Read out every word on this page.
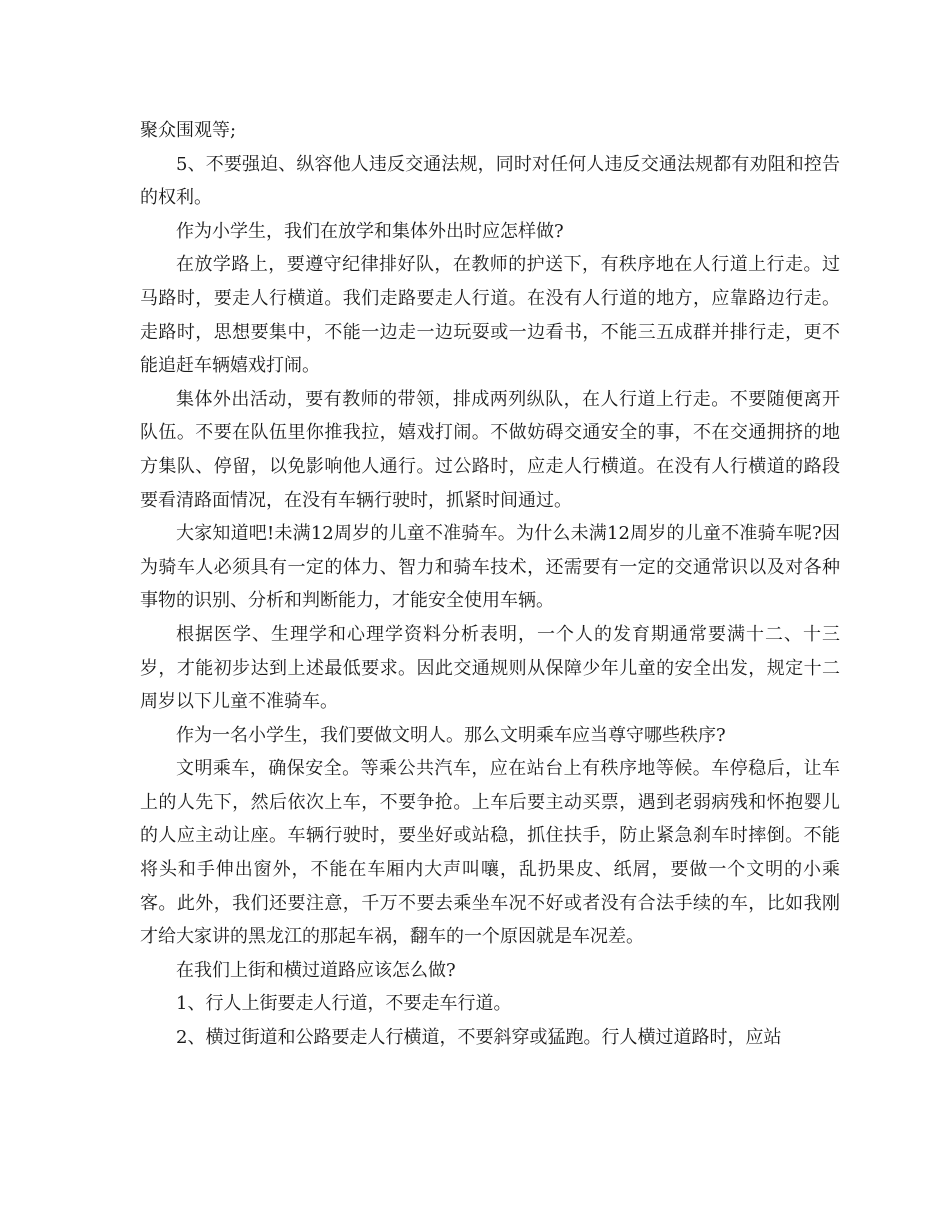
聚众围观等;

5、不要强迫、纵容他人违反交通法规，同时对任何人违反交通法规都有劝阻和控告的权利。

作为小学生，我们在放学和集体外出时应怎样做?

在放学路上，要遵守纪律排好队，在教师的护送下，有秩序地在人行道上行走。过马路时，要走人行横道。我们走路要走人行道。在没有人行道的地方，应靠路边行走。走路时，思想要集中，不能一边走一边玩耍或一边看书，不能三五成群并排行走，更不能追赶车辆嬉戏打闹。

集体外出活动，要有教师的带领，排成两列纵队，在人行道上行走。不要随便离开队伍。不要在队伍里你推我拉，嬉戏打闹。不做妨碍交通安全的事，不在交通拥挤的地方集队、停留，以免影响他人通行。过公路时，应走人行横道。在没有人行横道的路段要看清路面情况，在没有车辆行驶时，抓紧时间通过。

大家知道吧!未满12周岁的儿童不准骑车。为什么未满12周岁的儿童不准骑车呢?因为骑车人必须具有一定的体力、智力和骑车技术，还需要有一定的交通常识以及对各种事物的识别、分析和判断能力，才能安全使用车辆。

根据医学、生理学和心理学资料分析表明，一个人的发育期通常要满十二、十三岁，才能初步达到上述最低要求。因此交通规则从保障少年儿童的安全出发，规定十二周岁以下儿童不准骑车。

作为一名小学生，我们要做文明人。那么文明乘车应当尊守哪些秩序?

文明乘车，确保安全。等乘公共汽车，应在站台上有秩序地等候。车停稳后，让车上的人先下，然后依次上车，不要争抢。上车后要主动买票，遇到老弱病残和怀抱婴儿的人应主动让座。车辆行驶时，要坐好或站稳，抓住扶手，防止紧急刹车时摔倒。不能将头和手伸出窗外，不能在车厢内大声叫嚷，乱扔果皮、纸屑，要做一个文明的小乘客。此外，我们还要注意，千万不要去乘坐车况不好或者没有合法手续的车，比如我刚才给大家讲的黑龙江的那起车祸，翻车的一个原因就是车况差。

在我们上街和横过道路应该怎么做?

1、行人上街要走人行道，不要走车行道。

2、横过街道和公路要走人行横道，不要斜穿或猛跑。行人横过道路时，应站
